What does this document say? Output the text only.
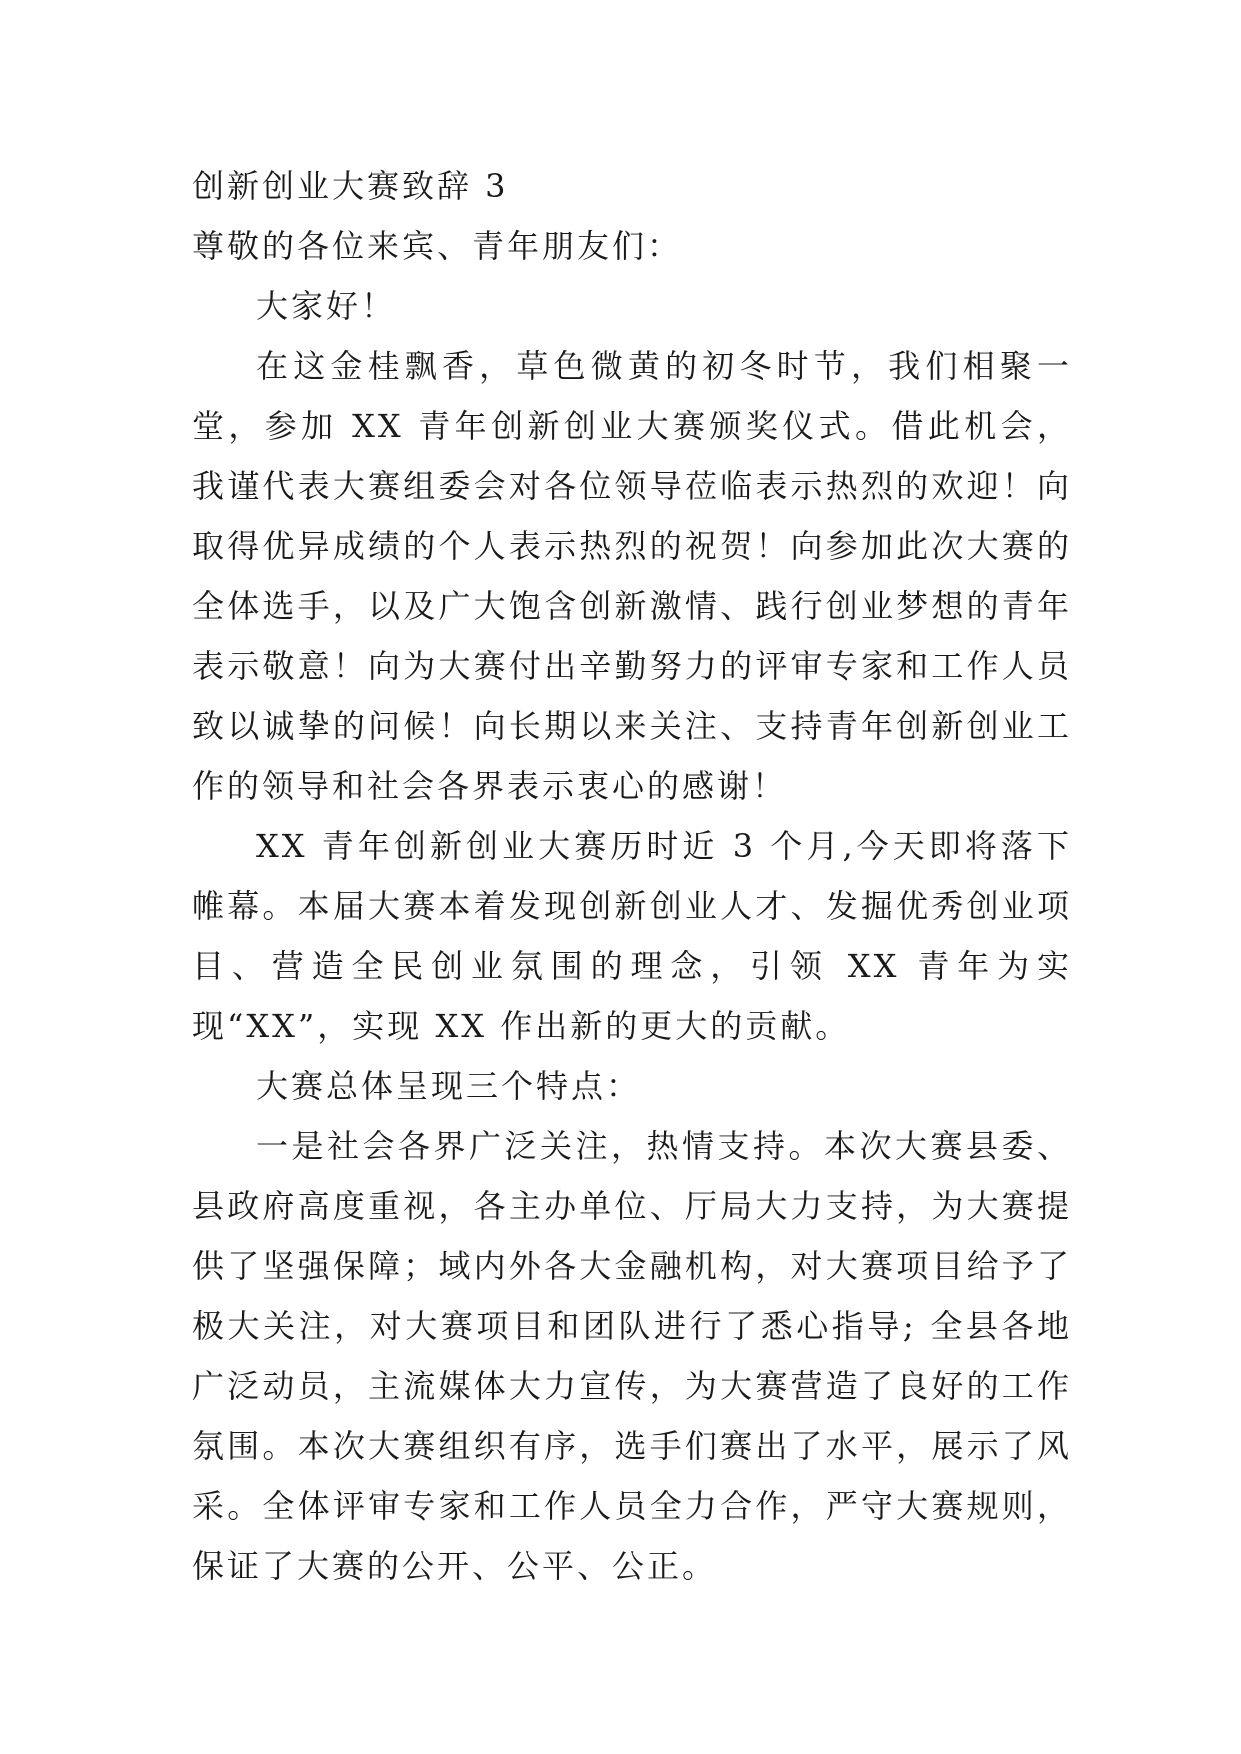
创新创业大赛致辞 3

尊敬的各位来宾、青年朋友们：

大家好！

在这金桂飘香，草色微黄的初冬时节，我们相聚一堂，参加 XX 青年创新创业大赛颁奖仪式。借此机会，我谨代表大赛组委会对各位领导莅临表示热烈的欢迎！向取得优异成绩的个人表示热烈的祝贺！向参加此次大赛的全体选手，以及广大饱含创新激情、践行创业梦想的青年表示敬意！向为大赛付出辛勤努力的评审专家和工作人员致以诚挚的问候！向长期以来关注、支持青年创新创业工作的领导和社会各界表示衷心的感谢！

XX 青年创新创业大赛历时近 3 个月,今天即将落下帷幕。本届大赛本着发现创新创业人才、发掘优秀创业项目、营造全民创业氛围的理念，引领 XX 青年为实现“XX”，实现 XX 作出新的更大的贡献。

大赛总体呈现三个特点：

一是社会各界广泛关注，热情支持。本次大赛县委、县政府高度重视，各主办单位、厅局大力支持，为大赛提供了坚强保障；域内外各大金融机构，对大赛项目给予了极大关注，对大赛项目和团队进行了悉心指导; 全县各地广泛动员，主流媒体大力宣传，为大赛营造了良好的工作氛围。本次大赛组织有序，选手们赛出了水平，展示了风采。全体评审专家和工作人员全力合作，严守大赛规则，保证了大赛的公开、公平、公正。
